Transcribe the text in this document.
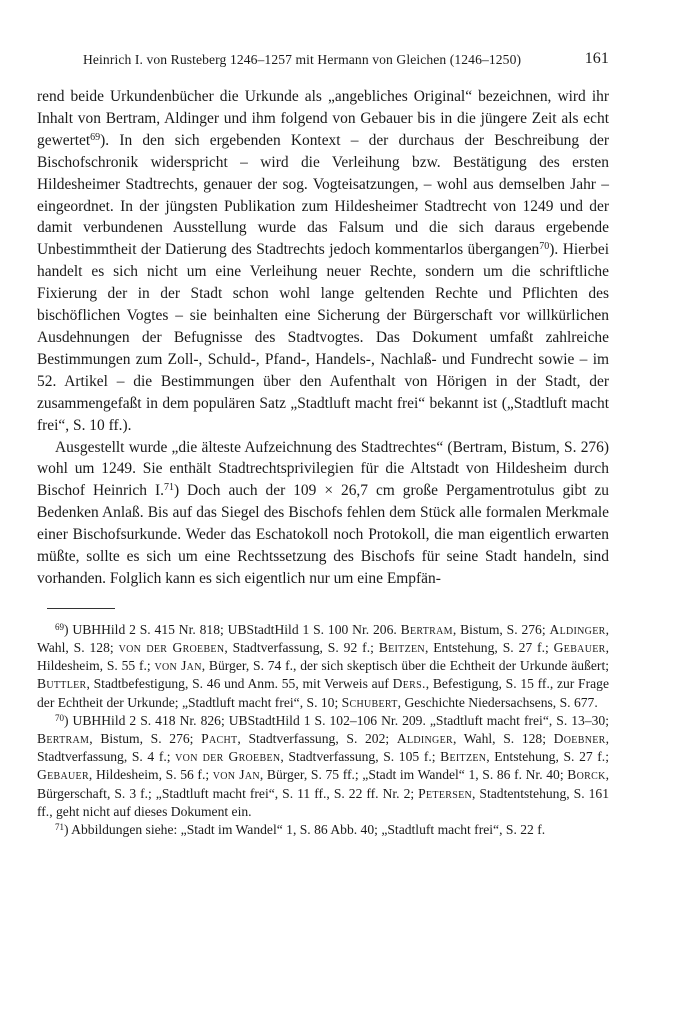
Heinrich I. von Rusteberg 1246–1257 mit Hermann von Gleichen (1246–1250)	161

rend beide Urkundenbücher die Urkunde als „angebliches Original“ bezeichnen, wird ihr Inhalt von Bertram, Aldinger und ihm folgend von Gebauer bis in die jüngere Zeit als echt gewertet$^{69}$). In den sich ergebenden Kontext – der durchaus der Beschreibung der Bischofschronik widerspricht – wird die Verleihung bzw. Bestätigung des ersten Hildesheimer Stadtrechts, genauer der sog. Vogteisatzungen, – wohl aus demselben Jahr – eingeordnet. In der jüngsten Publikation zum Hildesheimer Stadtrecht von 1249 und der damit verbundenen Ausstellung wurde das Falsum und die sich daraus ergebende Unbestimmtheit der Datierung des Stadtrechts jedoch kommentarlos übergangen$^{70}$). Hierbei handelt es sich nicht um eine Verleihung neuer Rechte, sondern um die schriftliche Fixierung der in der Stadt schon wohl lange geltenden Rechte und Pflichten des bischöflichen Vogtes – sie beinhalten eine Sicherung der Bürgerschaft vor willkürlichen Ausdehnungen der Befugnisse des Stadtvogtes. Das Dokument umfaßt zahlreiche Bestimmungen zum Zoll-, Schuld-, Pfand-, Handels-, Nachlaß- und Fundrecht sowie – im 52. Artikel – die Bestimmungen über den Aufenthalt von Hörigen in der Stadt, der zusammengefaßt in dem populären Satz „Stadtluft macht frei“ bekannt ist („Stadtluft macht frei“, S. 10 ff.).

Ausgestellt wurde „die älteste Aufzeichnung des Stadtrechtes“ (Bertram, Bistum, S. 276) wohl um 1249. Sie enthält Stadtrechtsprivilegien für die Altstadt von Hildesheim durch Bischof Heinrich I.$^{71}$) Doch auch der 109 × 26,7 cm große Pergamentrotulus gibt zu Bedenken Anlaß. Bis auf das Siegel des Bischofs fehlen dem Stück alle formalen Merkmale einer Bischofsurkunde. Weder das Eschatokoll noch Protokoll, die man eigentlich erwarten müßte, sollte es sich um eine Rechtssetzung des Bischofs für seine Stadt handeln, sind vorhanden. Folglich kann es sich eigentlich nur um eine Empfän-

$^{69}$) UBHHild 2 S. 415 Nr. 818; UBStadtHild 1 S. 100 Nr. 206. Bertram, Bistum, S. 276; Aldinger, Wahl, S. 128; von der Groeben, Stadtverfassung, S. 92 f.; Beitzen, Entstehung, S. 27 f.; Gebauer, Hildesheim, S. 55 f.; von Jan, Bürger, S. 74 f., der sich skeptisch über die Echtheit der Urkunde äußert; Buttler, Stadtbefestigung, S. 46 und Anm. 55, mit Verweis auf Ders., Befestigung, S. 15 ff., zur Frage der Echtheit der Urkunde; „Stadtluft macht frei“, S. 10; Schubert, Geschichte Niedersachsens, S. 677.

$^{70}$) UBHHild 2 S. 418 Nr. 826; UBStadtHild 1 S. 102–106 Nr. 209. „Stadtluft macht frei“, S. 13–30; Bertram, Bistum, S. 276; Pacht, Stadtverfassung, S. 202; Aldinger, Wahl, S. 128; Doebner, Stadtverfassung, S. 4 f.; von der Groeben, Stadtverfassung, S. 105 f.; Beitzen, Entstehung, S. 27 f.; Gebauer, Hildesheim, S. 56 f.; von Jan, Bürger, S. 75 ff.; „Stadt im Wandel“ 1, S. 86 f. Nr. 40; Borck, Bürgerschaft, S. 3 f.; „Stadtluft macht frei“, S. 11 ff., S. 22 ff. Nr. 2; Petersen, Stadtentstehung, S. 161 ff., geht nicht auf dieses Dokument ein.

$^{71}$) Abbildungen siehe: „Stadt im Wandel“ 1, S. 86 Abb. 40; „Stadtluft macht frei“, S. 22 f.
